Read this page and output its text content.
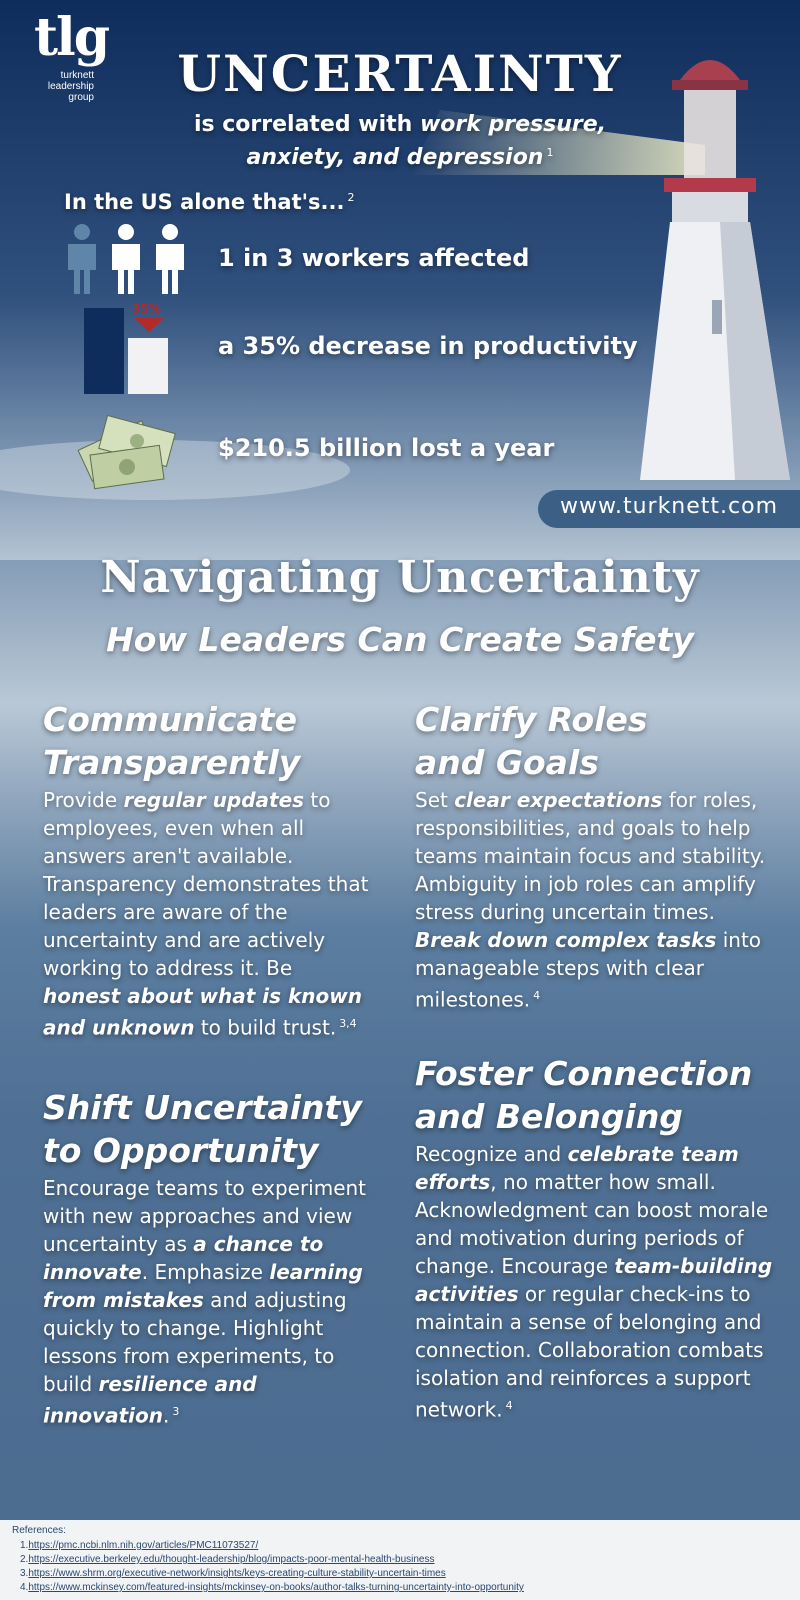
tlg
turknett
leadership
group	UNCERTAINTY
is correlated with work pressure,
anxiety, and depression $^1$
In the US alone that's... $^2$
1 in 3 workers affected
35%
a 35% decrease in productivity
$210.5 billion lost a year
www.turknett.com
Navigating Uncertainty
How Leaders Can Create Safety
Communicate
Transparently
Provide regular updates to employees, even when all answers aren't available. Transparency demonstrates that leaders are aware of the uncertainty and are actively working to address it. Be honest about what is known and unknown to build trust. $^{3,4}$
Clarify Roles
and Goals
Set clear expectations for roles, responsibilities, and goals to help teams maintain focus and stability. Ambiguity in job roles can amplify stress during uncertain times. Break down complex tasks into manageable steps with clear milestones. $^4$
Shift Uncertainty
to Opportunity
Encourage teams to experiment with new approaches and view uncertainty as a chance to innovate. Emphasize learning from mistakes and adjusting quickly to change. Highlight lessons from experiments, to build resilience and innovation. $^3$
Foster Connection
and Belonging
Recognize and celebrate team efforts, no matter how small. Acknowledgment can boost morale and motivation during periods of change. Encourage team-building activities or regular check-ins to maintain a sense of belonging and connection. Collaboration combats isolation and reinforces a support network. $^4$
References:
1.https://pmc.ncbi.nlm.nih.gov/articles/PMC11073527/
2.https://executive.berkeley.edu/thought-leadership/blog/impacts-poor-mental-health-business
3.https://www.shrm.org/executive-network/insights/keys-creating-culture-stability-uncertain-times
4.https://www.mckinsey.com/featured-insights/mckinsey-on-books/author-talks-turning-uncertainty-into-opportunity
